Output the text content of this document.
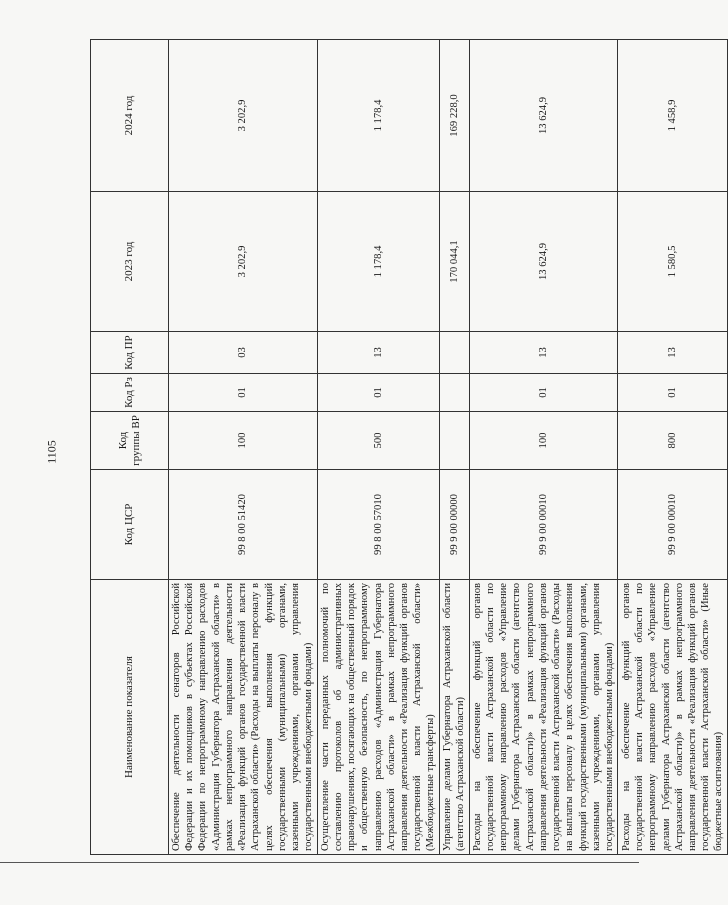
1105
Наименование показателя	Код ЦСР	Код группы ВР	Код Рз	Код ПР	2023 год	2024 год
Обеспечение деятельности сенаторов Российской Федерации и их помощников в субъектах Российской Федерации по непрограммному направлению расходов «Администрация Губернатора Астраханской области» в рамках непрограммного направления деятельности «Реализация функций органов государственной власти Астраханской области» (Расходы на выплаты персоналу в целях обеспечения выполнения функций государственными (муниципальными) органами, казенными учреждениями, органами управления государственными внебюджетными фондами)	99 8 00 51420	100	01	03	3 202,9	3 202,9
Осуществление части переданных полномочий по составлению протоколов об административных правонарушениях, посягающих на общественный порядок и общественную безопасность, по непрограммному направлению расходов «Администрация Губернатора Астраханской области» в рамках непрограммного направления деятельности «Реализация функций органов государственной власти Астраханской области» (Межбюджетные трансферты)	99 8 00 57010	500	01	13	1 178,4	1 178,4
Управление делами Губернатора Астраханской области (агентство Астраханской области)	99 9 00 00000				170 044,1	169 228,0
Расходы на обеспечение функций органов государственной власти Астраханской области по непрограммному направлению расходов «Управление делами Губернатора Астраханской области (агентство Астраханской области)» в рамках непрограммного направления деятельности «Реализация функций органов государственной власти Астраханской области» (Расходы на выплаты персоналу в целях обеспечения выполнения функций государственными (муниципальными) органами, казенными учреждениями, органами управления государственными внебюджетными фондами)	99 9 00 00010	100	01	13	13 624,9	13 624,9
Расходы на обеспечение функций органов государственной власти Астраханской области по непрограммному направлению расходов «Управление делами Губернатора Астраханской области (агентство Астраханской области)» в рамках непрограммного направления деятельности «Реализация функций органов государственной власти Астраханской области» (Иные бюджетные ассигнования)	99 9 00 00010	800	01	13	1 580,5	1 458,9
